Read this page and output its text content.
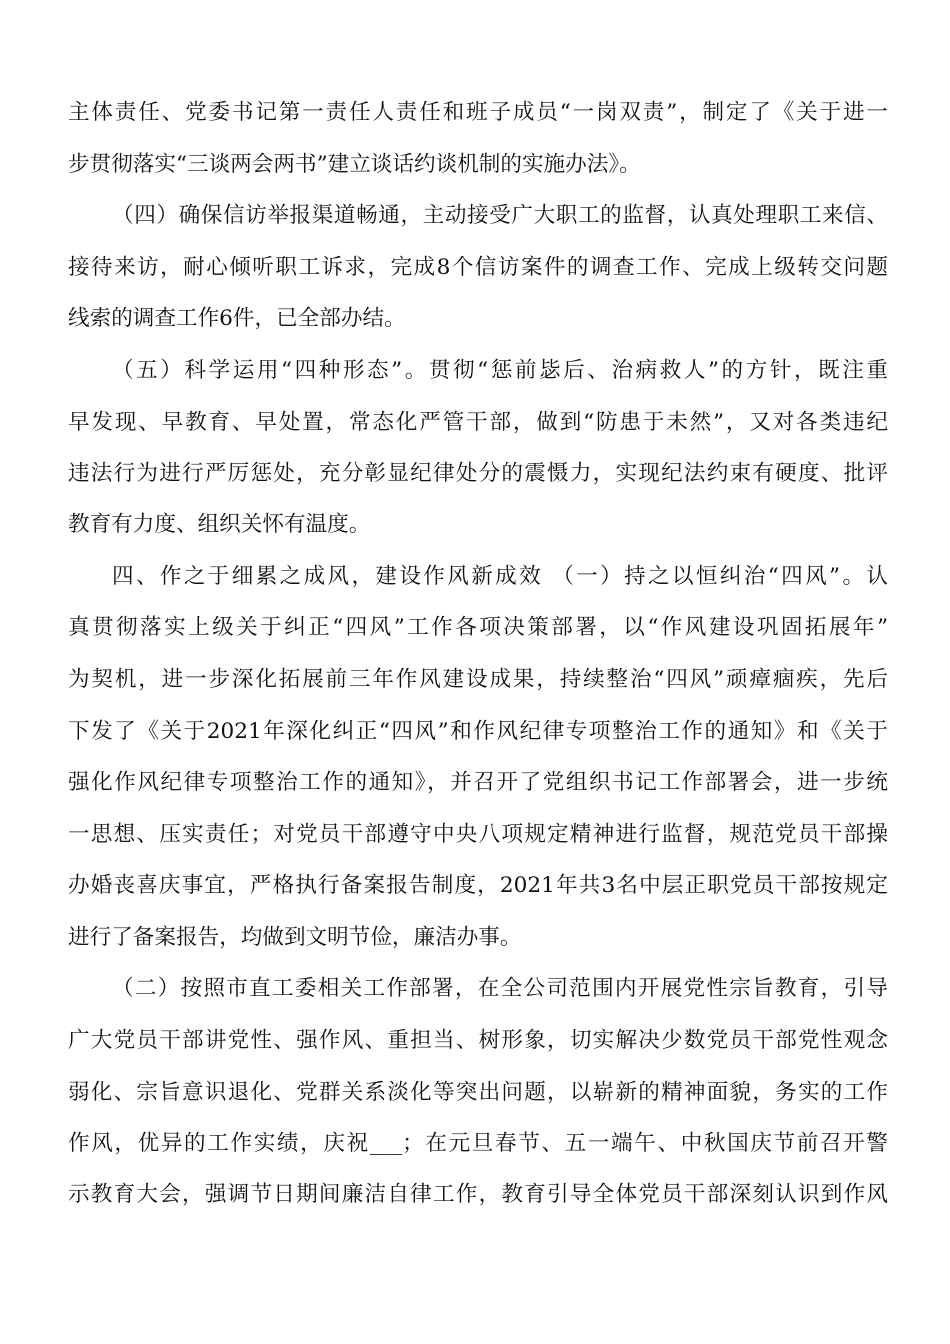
主体责任、党委书记第一责任人责任和班子成员“一岗双责”，制定了《关于进一
步贯彻落实“三谈两会两书”建立谈话约谈机制的实施办法》。
（四）确保信访举报渠道畅通，主动接受广大职工的监督，认真处理职工来信、
接待来访，耐心倾听职工诉求，完成8个信访案件的调查工作、完成上级转交问题
线索的调查工作6件，已全部办结。
（五）科学运用“四种形态”。贯彻“惩前毖后、治病救人”的方针，既注重
早发现、早教育、早处置，常态化严管干部，做到“防患于未然”，又对各类违纪
违法行为进行严厉惩处，充分彰显纪律处分的震慑力，实现纪法约束有硬度、批评
教育有力度、组织关怀有温度。
四、作之于细累之成风，建设作风新成效 （一）持之以恒纠治“四风”。认
真贯彻落实上级关于纠正“四风”工作各项决策部署，以“作风建设巩固拓展年”
为契机，进一步深化拓展前三年作风建设成果，持续整治“四风”顽瘴痼疾，先后
下发了《关于2021年深化纠正“四风”和作风纪律专项整治工作的通知》和《关于
强化作风纪律专项整治工作的通知》，并召开了党组织书记工作部署会，进一步统
一思想、压实责任；对党员干部遵守中央八项规定精神进行监督，规范党员干部操
办婚丧喜庆事宜，严格执行备案报告制度，2021年共3名中层正职党员干部按规定
进行了备案报告，均做到文明节俭，廉洁办事。
（二）按照市直工委相关工作部署，在全公司范围内开展党性宗旨教育，引导
广大党员干部讲党性、强作风、重担当、树形象，切实解决少数党员干部党性观念
弱化、宗旨意识退化、党群关系淡化等突出问题，以崭新的精神面貌，务实的工作
作风，优异的工作实绩，庆祝___；在元旦春节、五一端午、中秋国庆节前召开警
示教育大会，强调节日期间廉洁自律工作，教育引导全体党员干部深刻认识到作风
